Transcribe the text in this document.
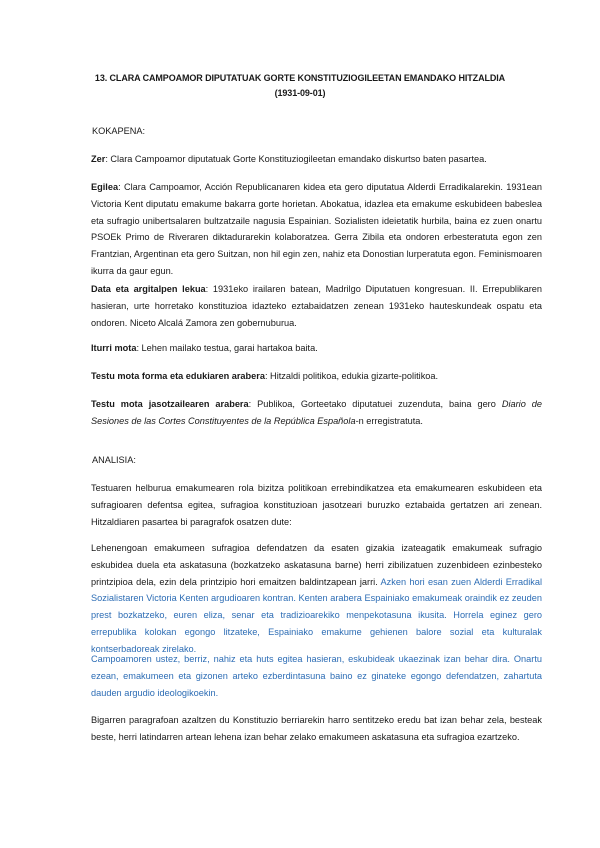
13. CLARA CAMPOAMOR DIPUTATUAK GORTE KONSTITUZIOGILEETAN EMANDAKO HITZALDIA
(1931-09-01)
KOKAPENA:
Zer: Clara Campoamor diputatuak Gorte Konstituziogileetan emandako diskurtso baten pasartea.
Egilea: Clara Campoamor, Acción Republicanaren kidea eta gero diputatua Alderdi Erradikalarekin. 1931ean Victoria Kent diputatu emakume bakarra gorte horietan. Abokatua, idazlea eta emakume eskubideen babeslea eta sufragio unibertsalaren bultzatzaile nagusia Espainian. Sozialisten ideietatik hurbila, baina ez zuen onartu PSOEk Primo de Riveraren diktadurarekin kolaboratzea. Gerra Zibila eta ondoren erbesteratuta egon zen Frantzian, Argentinan eta gero Suitzan, non hil egin zen, nahiz eta Donostian lurperatuta egon. Feminismoaren ikurra da gaur egun.
Data eta argitalpen lekua: 1931eko irailaren batean, Madrilgo Diputatuen kongresuan. II. Errepublikaren hasieran, urte horretako konstituzioa idazteko eztabaidatzen zenean 1931eko hauteskundeak ospatu eta ondoren. Niceto Alcalá Zamora zen gobernuburua.
Iturri mota: Lehen mailako testua, garai hartakoa baita.
Testu mota forma eta edukiaren arabera: Hitzaldi politikoa, edukia gizarte-politikoa.
Testu mota jasotzailearen arabera: Publikoa, Gorteetako diputatuei zuzenduta, baina gero Diario de Sesiones de las Cortes Constituyentes de la República Española-n erregistratuta.
ANALISIA:
Testuaren helburua emakumearen rola bizitza politikoan errebindikatzea eta emakumearen eskubideen eta sufragioaren defentsa egitea, sufragioa konstituzioan jasotzeari buruzko eztabaida gertatzen ari zenean. Hitzaldiaren pasartea bi paragrafok osatzen dute:
Lehenengoan emakumeen sufragioa defendatzen da esaten gizakia izateagatik emakumeak sufragio eskubidea duela eta askatasuna (bozkatzeko askatasuna barne) herri zibilizatuen zuzenbideen ezinbesteko printzipioa dela, ezin dela printzipio hori emaitzen baldintzapean jarri. Azken hori esan zuen Alderdi Erradikal Sozialistaren Victoria Kenten argudioaren kontran. Kenten arabera Espainiako emakumeak oraindik ez zeuden prest bozkatzeko, euren eliza, senar eta tradizioarekiko menpekotasuna ikusita. Horrela eginez gero errepublika kolokan egongo litzateke, Espainiako emakume gehienen balore sozial eta kulturalak kontserbadoreak zirelako.
Campoamoren ustez, berriz, nahiz eta huts egitea hasieran, eskubideak ukaezinak izan behar dira. Onartu ezean, emakumeen eta gizonen arteko ezberdintasuna baino ez ginateke egongo defendatzen, zahartuta dauden argudio ideologikoekin.
Bigarren paragrafoan azaltzen du Konstituzio berriarekin harro sentitzeko eredu bat izan behar zela, besteak beste, herri latindarren artean lehena izan behar zelako emakumeen askatasuna eta sufragioa ezartzeko.
